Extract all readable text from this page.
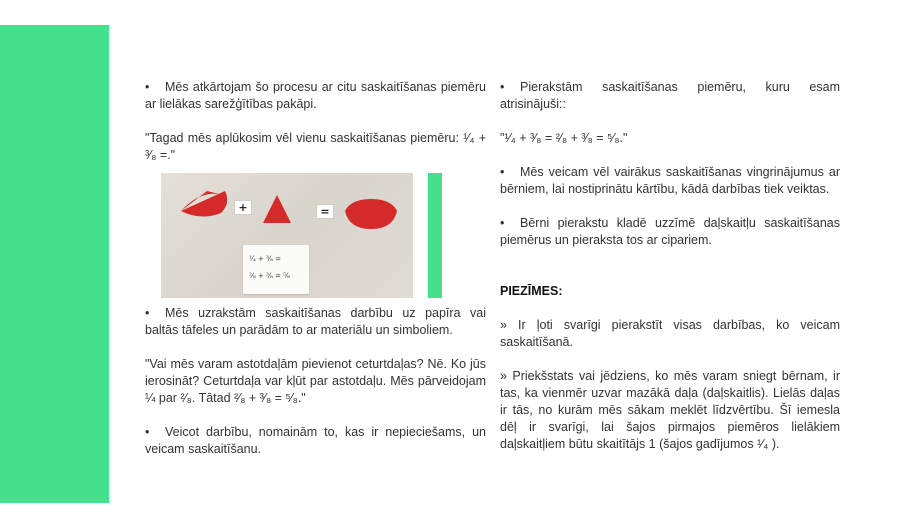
• Mēs atkārtojam šo procesu ar citu saskaitīšanas piemēru ar lielākas sarežģītības pakāpi.

"Tagad mēs aplūkosim vēl vienu saskaitīšanas piemēru: ¹⁄₄ + ³⁄₈ =."

• Mēs uzrakstām saskaitīšanas darbību uz papīra vai baltās tāfeles un parādām to ar materiālu un simboliem.

"Vai mēs varam astotdaļām pievienot ceturtdaļas? Nē. Ko jūs ierosināt? Ceturtdaļa var kļūt par astotdaļu. Mēs pārveidojam ¼ par ²⁄₈. Tātad ²⁄₈ + ³⁄₈ = ⁵⁄₈."

• Veicot darbību, nomainām to, kas ir nepieciešams, un veicam saskaitīšanu.

+	=
¹⁄₄ + ³⁄₈ =
²⁄₈ + ³⁄₈ = ⁵⁄₈

• Pierakstām saskaitīšanas piemēru, kuru esam atrisinājuši::

"¹⁄₄ + ³⁄₈ = ²⁄₈ + ³⁄₈ = ⁵⁄₈."

• Mēs veicam vēl vairākus saskaitīšanas vingrinājumus ar bērniem, lai nostiprinātu kārtību, kādā darbības tiek veiktas.

• Bērni pierakstu kladē uzzīmē daļskaitļu saskaitīšanas piemērus un pieraksta tos ar cipariem.

PIEZĪMES:

» Ir ļoti svarīgi pierakstīt visas darbības, ko veicam saskaitīšanā.

» Priekšstats vai jēdziens, ko mēs varam sniegt bērnam, ir tas, ka vienmēr uzvar mazākā daļa (daļskaitlis). Lielās daļas ir tās, no kurām mēs sākam meklēt līdzvērtību. Šī iemesla dēļ ir svarīgi, lai šajos pirmajos piemēros lielākiem daļskaitļiem būtu skaitītājs 1 (šajos gadījumos ¹⁄₄ ).
